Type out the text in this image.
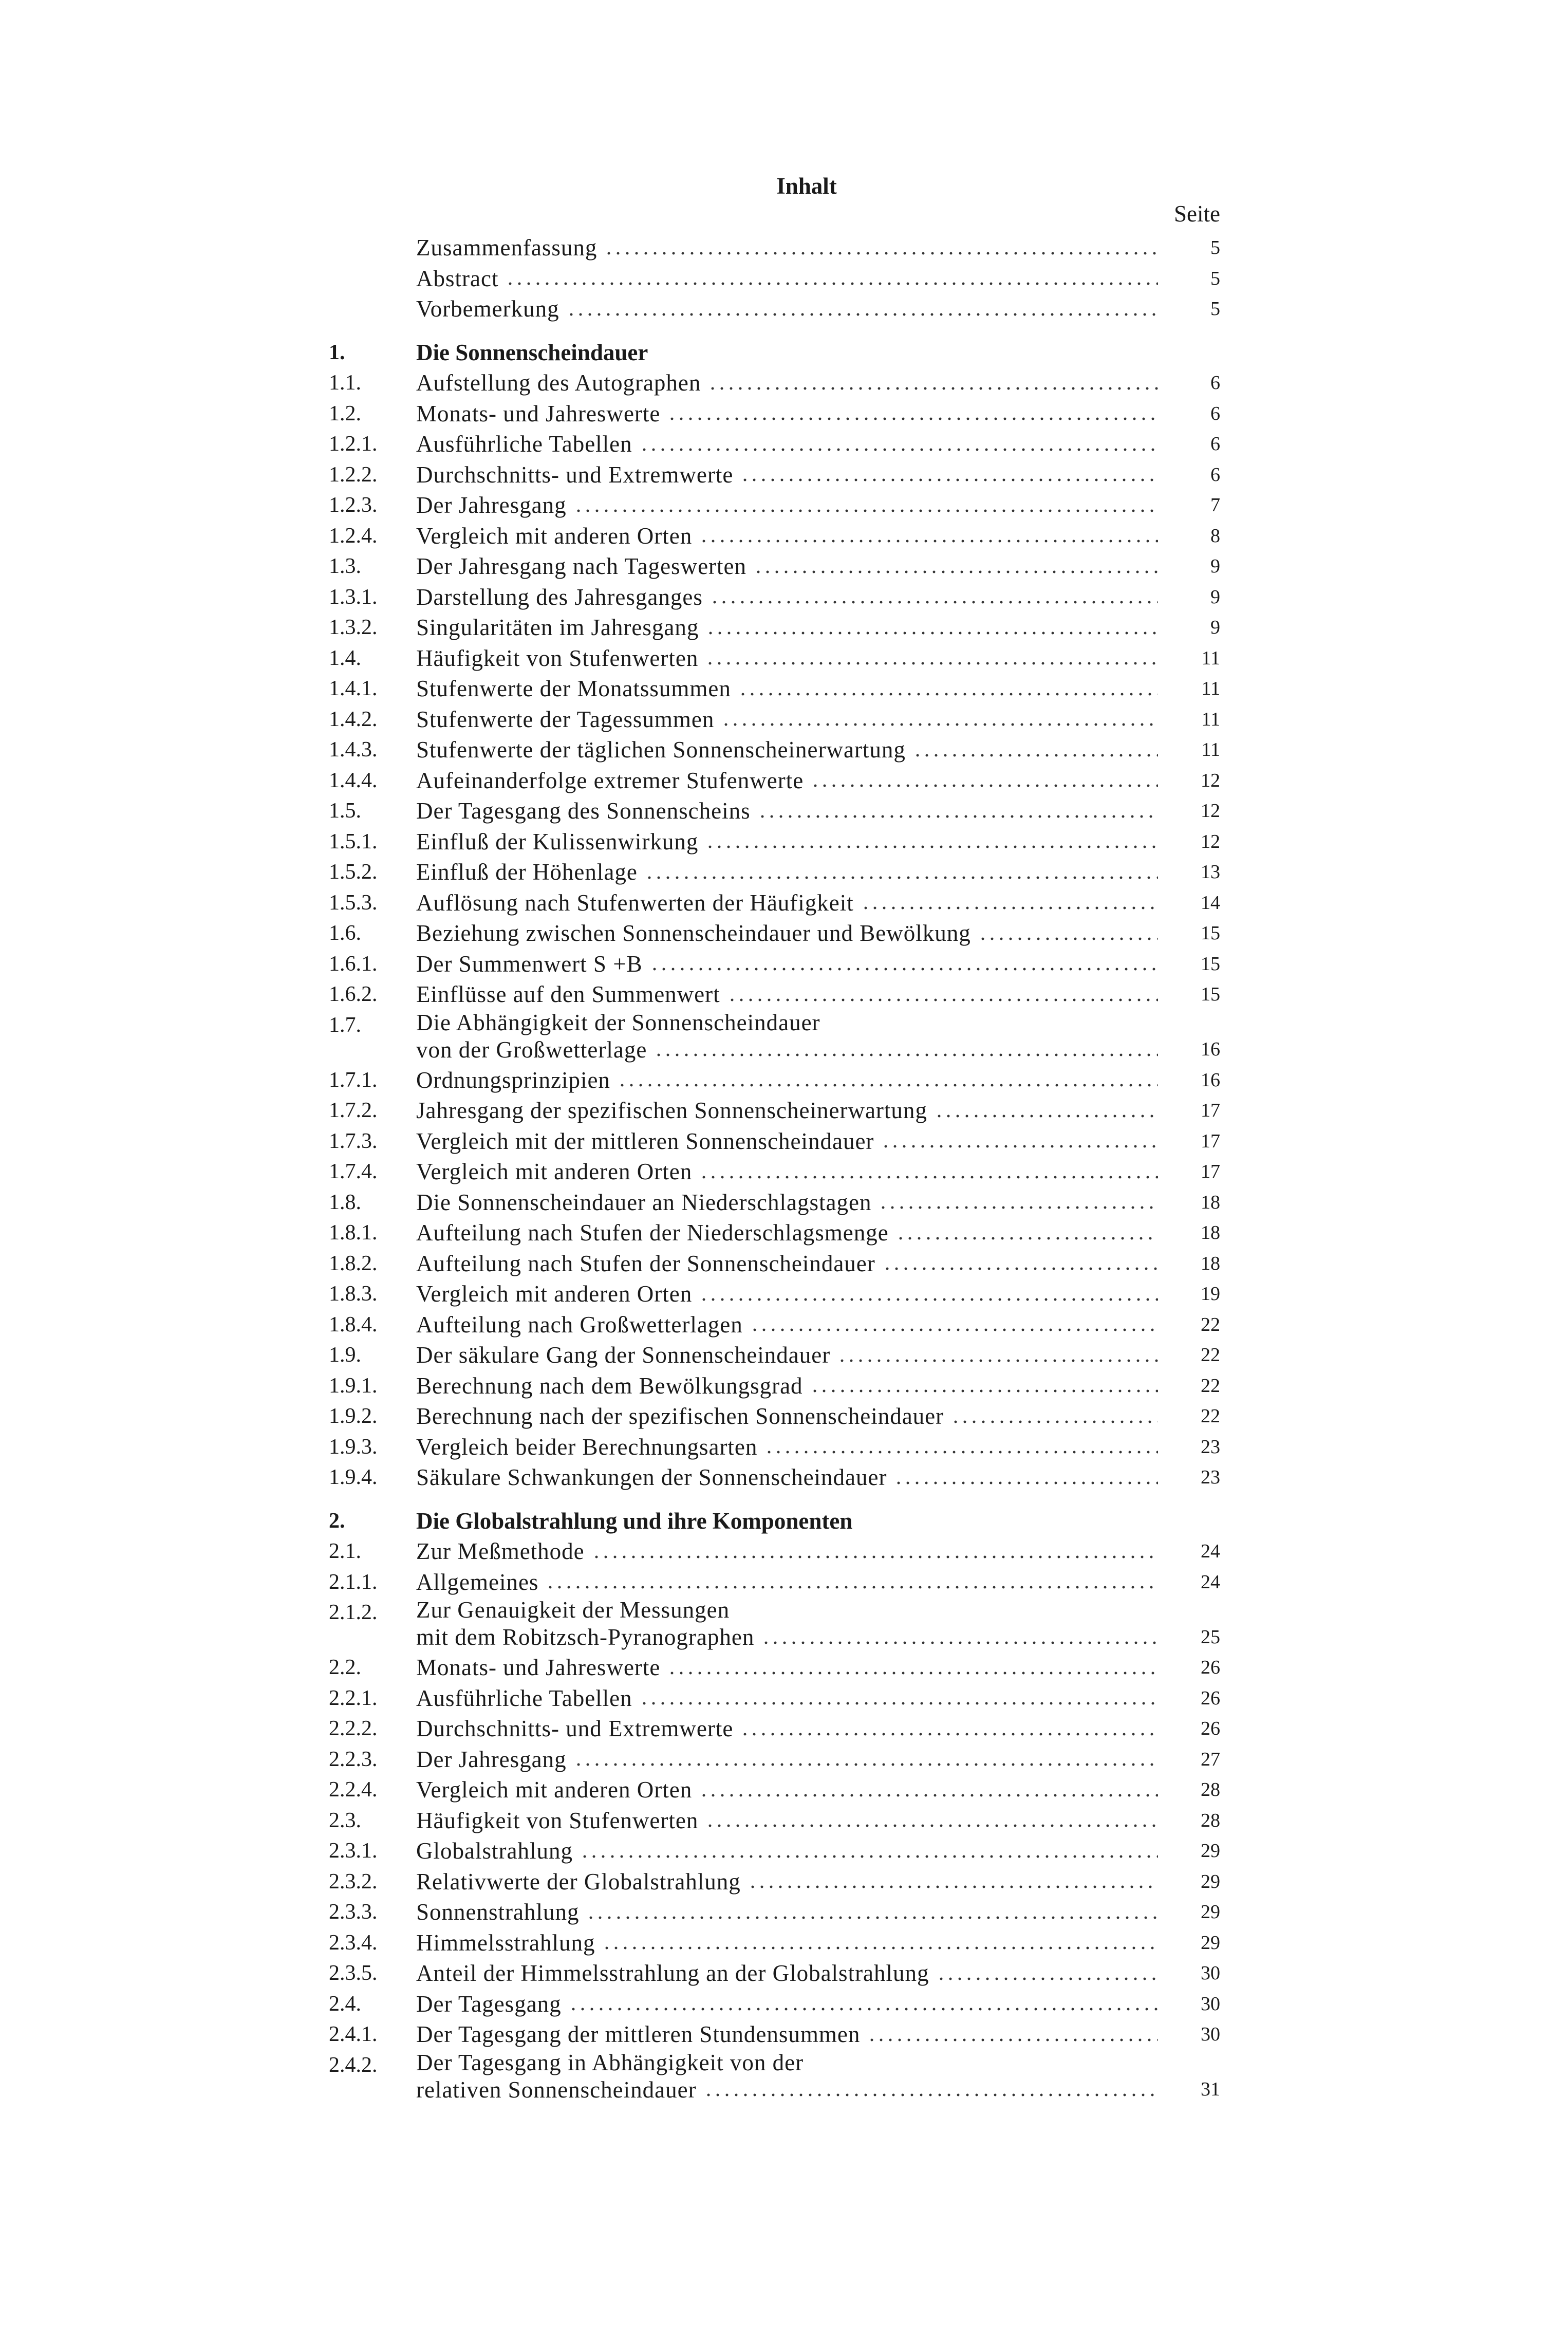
Inhalt
Seite
Zusammenfassung	5
Abstract	5
Vorbemerkung	5
1.	Die Sonnenscheindauer
1.1.	Aufstellung des Autographen	6
1.2.	Monats- und Jahreswerte	6
1.2.1.	Ausführliche Tabellen	6
1.2.2.	Durchschnitts- und Extremwerte	6
1.2.3.	Der Jahresgang	7
1.2.4.	Vergleich mit anderen Orten	8
1.3.	Der Jahresgang nach Tageswerten	9
1.3.1.	Darstellung des Jahresganges	9
1.3.2.	Singularitäten im Jahresgang	9
1.4.	Häufigkeit von Stufenwerten	11
1.4.1.	Stufenwerte der Monatssummen	11
1.4.2.	Stufenwerte der Tagessummen	11
1.4.3.	Stufenwerte der täglichen Sonnenscheinerwartung	11
1.4.4.	Aufeinanderfolge extremer Stufenwerte	12
1.5.	Der Tagesgang des Sonnenscheins	12
1.5.1.	Einfluß der Kulissenwirkung	12
1.5.2.	Einfluß der Höhenlage	13
1.5.3.	Auflösung nach Stufenwerten der Häufigkeit	14
1.6.	Beziehung zwischen Sonnenscheindauer und Bewölkung	15
1.6.1.	Der Summenwert S +B	15
1.6.2.	Einflüsse auf den Summenwert	15
1.7.	Die Abhängigkeit der Sonnenscheindauer
von der Großwetterlage	16
1.7.1.	Ordnungsprinzipien	16
1.7.2.	Jahresgang der spezifischen Sonnenscheinerwartung	17
1.7.3.	Vergleich mit der mittleren Sonnenscheindauer	17
1.7.4.	Vergleich mit anderen Orten	17
1.8.	Die Sonnenscheindauer an Niederschlagstagen	18
1.8.1.	Aufteilung nach Stufen der Niederschlagsmenge	18
1.8.2.	Aufteilung nach Stufen der Sonnenscheindauer	18
1.8.3.	Vergleich mit anderen Orten	19
1.8.4.	Aufteilung nach Großwetterlagen	22
1.9.	Der säkulare Gang der Sonnenscheindauer	22
1.9.1.	Berechnung nach dem Bewölkungsgrad	22
1.9.2.	Berechnung nach der spezifischen Sonnenscheindauer	22
1.9.3.	Vergleich beider Berechnungsarten	23
1.9.4.	Säkulare Schwankungen der Sonnenscheindauer	23
2.	Die Globalstrahlung und ihre Komponenten
2.1.	Zur Meßmethode	24
2.1.1.	Allgemeines	24
2.1.2.	Zur Genauigkeit der Messungen
mit dem Robitzsch-Pyranographen	25
2.2.	Monats- und Jahreswerte	26
2.2.1.	Ausführliche Tabellen	26
2.2.2.	Durchschnitts- und Extremwerte	26
2.2.3.	Der Jahresgang	27
2.2.4.	Vergleich mit anderen Orten	28
2.3.	Häufigkeit von Stufenwerten	28
2.3.1.	Globalstrahlung	29
2.3.2.	Relativwerte der Globalstrahlung	29
2.3.3.	Sonnenstrahlung	29
2.3.4.	Himmelsstrahlung	29
2.3.5.	Anteil der Himmelsstrahlung an der Globalstrahlung	30
2.4.	Der Tagesgang	30
2.4.1.	Der Tagesgang der mittleren Stundensummen	30
2.4.2.	Der Tagesgang in Abhängigkeit von der
relativen Sonnenscheindauer	31
